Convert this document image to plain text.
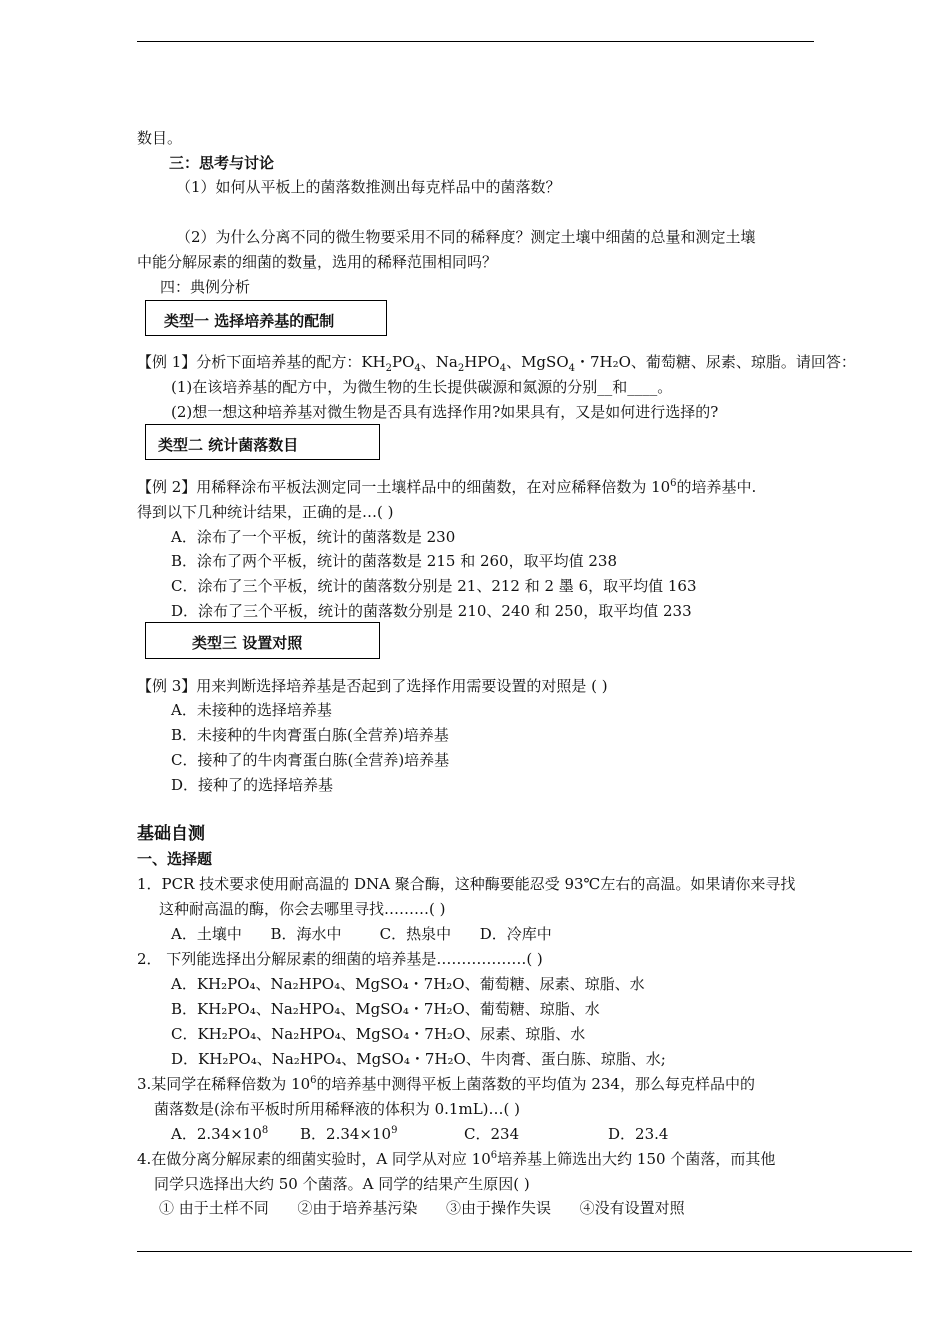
数目。
三：思考与讨论
（1）如何从平板上的菌落数推测出每克样品中的菌落数？
（2）为什么分离不同的微生物要采用不同的稀释度？测定土壤中细菌的总量和测定土壤
中能分解尿素的细菌的数量，选用的稀释范围相同吗？
四：典例分析
类型一 选择培养基的配制
【例 1】分析下面培养基的配方：$KH_2PO_4$、$Na_2HPO_4$、MgSO$_4$・7H₂O、葡萄糖、尿素、琼脂。请回答：
(1)在该培养基的配方中，为微生物的生长提供碳源和氮源的分别__和____。
(2)想一想这种培养基对微生物是否具有选择作用?如果具有，又是如何进行选择的?
类型二 统计菌落数目
【例 2】用稀释涂布平板法测定同一土壤样品中的细菌数，在对应稀释倍数为 $10^6$的培养基中.
得到以下几种统计结果，正确的是…( )
A．涂布了一个平板，统计的菌落数是 230
B．涂布了两个平板，统计的菌落数是 215 和 260，取平均值 238
C．涂布了三个平板，统计的菌落数分别是 21、212 和 2 墨 6，取平均值 163
D．涂布了三个平板，统计的菌落数分别是 210、240 和 250，取平均值 233
类型三 设置对照
【例 3】用来判断选择培养基是否起到了选择作用需要设置的对照是 ( )
A．未接种的选择培养基
B．未接种的牛肉膏蛋白胨(全营养)培养基
C．接种了的牛肉膏蛋白胨(全营养)培养基
D．接种了的选择培养基
基础自测
一、选择题
1．PCR 技术要求使用耐高温的 DNA 聚合酶，这种酶要能忍受 93℃左右的高温。如果请你来寻找
这种耐高温的酶，你会去哪里寻找………( )
A．土壤中      B．海水中        C．热泉中      D．冷库中
2． 下列能选择出分解尿素的细菌的培养基是………………( )
A．KH₂PO₄、Na₂HPO₄、MgSO₄・7H₂O、葡萄糖、尿素、琼脂、水
B．KH₂PO₄、Na₂HPO₄、MgSO₄・7H₂O、葡萄糖、琼脂、水
C．KH₂PO₄、Na₂HPO₄、MgSO₄・7H₂O、尿素、琼脂、水
D．KH₂PO₄、Na₂HPO₄、MgSO₄・7H₂O、牛肉膏、蛋白胨、琼脂、水;
3.某同学在稀释倍数为 $10^6$的培养基中测得平板上菌落数的平均值为 234，那么每克样品中的
菌落数是(涂布平板时所用稀释液的体积为 0.1mL)…( )
A．$2.34\times 10^8$ B．$2.34\times 10^9$	C．234	D．23.4
4.在做分离分解尿素的细菌实验时，A 同学从对应 $10^6$培养基上筛选出大约 150 个菌落，而其他
同学只选择出大约 50 个菌落。A 同学的结果产生原因( )
① 由于土样不同      ②由于培养基污染      ③由于操作失误      ④没有设置对照
